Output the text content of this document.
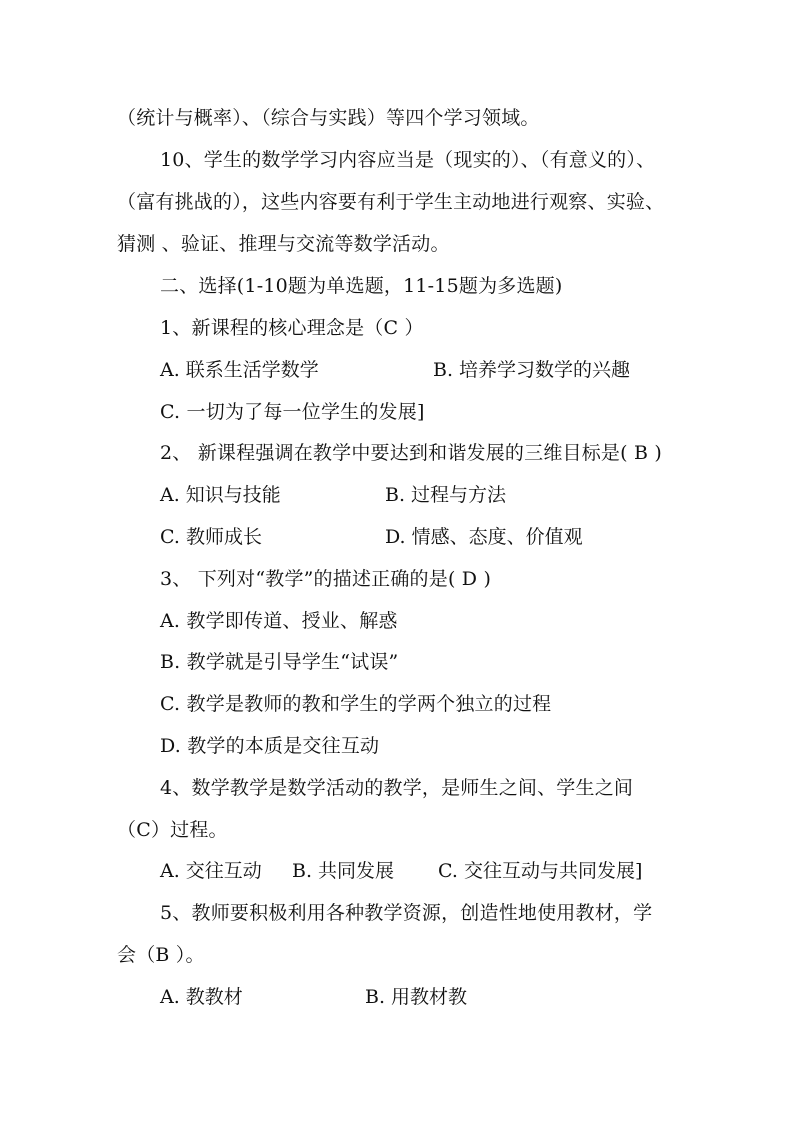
（统计与概率）、（综合与实践）等四个学习领域。
10、学生的数学学习内容应当是（现实的）、（有意义的）、
（富有挑战的），这些内容要有利于学生主动地进行观察、实验、
猜测 、验证、推理与交流等数学活动。
二、选择(1-10题为单选题，11-15题为多选题)
1、新课程的核心理念是（C ）
A. 联系生活学数学	B. 培养学习数学的兴趣
C. 一切为了每一位学生的发展]
2、 新课程强调在教学中要达到和谐发展的三维目标是( B )
A. 知识与技能	B. 过程与方法
C. 教师成长	D. 情感、态度、价值观
3、 下列对“教学”的描述正确的是( D )
A. 教学即传道、授业、解惑
B. 教学就是引导学生“试误”
C. 教学是教师的教和学生的学两个独立的过程
D. 教学的本质是交往互动
4、数学教学是数学活动的教学，是师生之间、学生之间
（C）过程。
A. 交往互动 B. 共同发展 C. 交往互动与共同发展]
5、教师要积极利用各种教学资源，创造性地使用教材，学
会（B ）。
A. 教教材	B. 用教材教
